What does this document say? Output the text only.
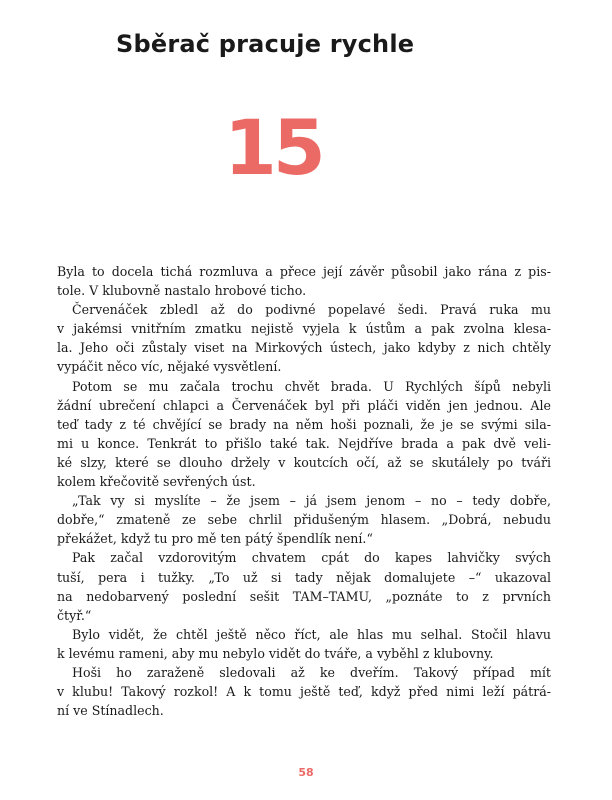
Sběrač pracuje rychle
15
Byla to docela tichá rozmluva a přece její závěr působil jako rána z pis-
tole. V klubovně nastalo hrobové ticho.
Červenáček zbledl až do podivné popelavé šedi. Pravá ruka mu
v jakémsi vnitřním zmatku nejistě vyjela k ústům a pak zvolna klesa-
la. Jeho oči zůstaly viset na Mirkových ústech, jako kdyby z nich chtěly
vypáčit něco víc, nějaké vysvětlení.
Potom se mu začala trochu chvět brada. U Rychlých šípů nebyli
žádní ubrečení chlapci a Červenáček byl při pláči viděn jen jednou. Ale
teď tady z té chvějící se brady na něm hoši poznali, že je se svými sila-
mi u konce. Tenkrát to přišlo také tak. Nejdříve brada a pak dvě veli-
ké slzy, které se dlouho držely v koutcích očí, až se skutálely po tváři
kolem křečovitě sevřených úst.
„Tak vy si myslíte – že jsem – já jsem jenom – no – tedy dobře,
dobře,“ zmateně ze sebe chrlil přidušeným hlasem. „Dobrá, nebudu
překážet, když tu pro mě ten pátý špendlík není.“
Pak začal vzdorovitým chvatem cpát do kapes lahvičky svých
tuší, pera i tužky. „To už si tady nějak domalujete –“ ukazoval
na nedobarvený poslední sešit TAM–TAMU, „poznáte to z prvních
čtyř.“
Bylo vidět, že chtěl ještě něco říct, ale hlas mu selhal. Stočil hlavu
k levému rameni, aby mu nebylo vidět do tváře, a vyběhl z klubovny.
Hoši ho zaraženě sledovali až ke dveřím. Takový případ mít
v klubu! Takový rozkol! A k tomu ještě teď, když před nimi leží pátrá-
ní ve Stínadlech.
58
